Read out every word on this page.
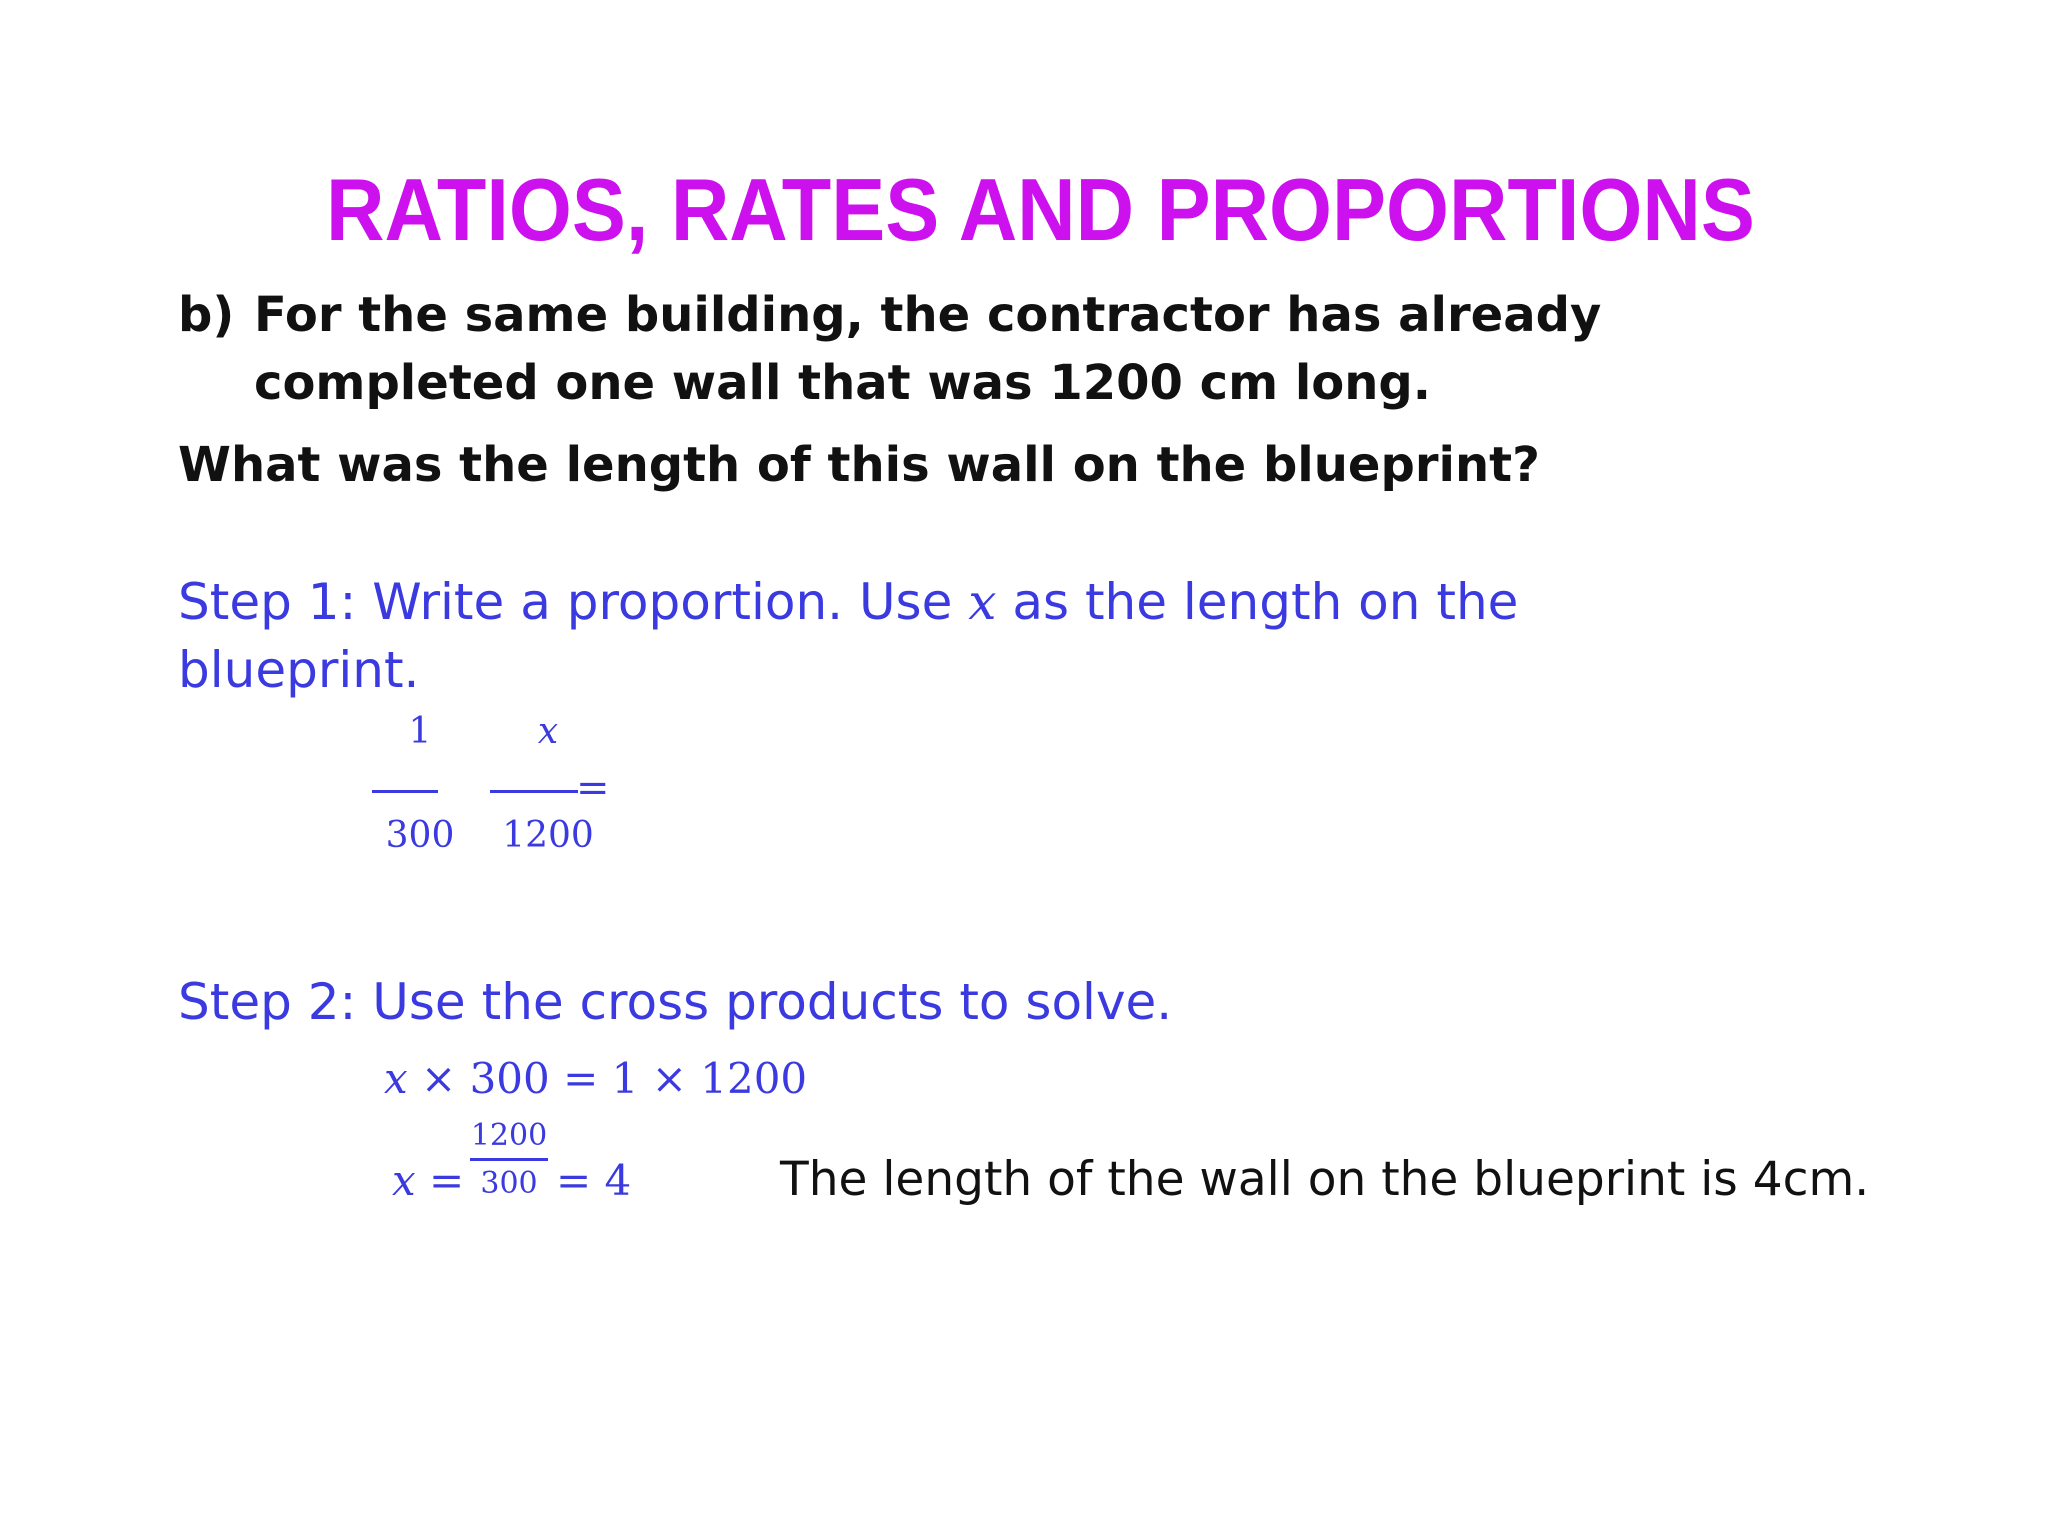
RATIOS, RATES AND PROPORTIONS
b) For the same building, the contractor has already
completed one wall that was 1200 cm long.
What was the length of this wall on the blueprint?
Step 1: Write a proportion. Use x as the length on the
blueprint.
1
300
x
1200
=
Step 2: Use the cross products to solve.
x × 300 = 1 × 1200
x =
1200
300 = 4	The length of the wall on the blueprint is 4cm.
